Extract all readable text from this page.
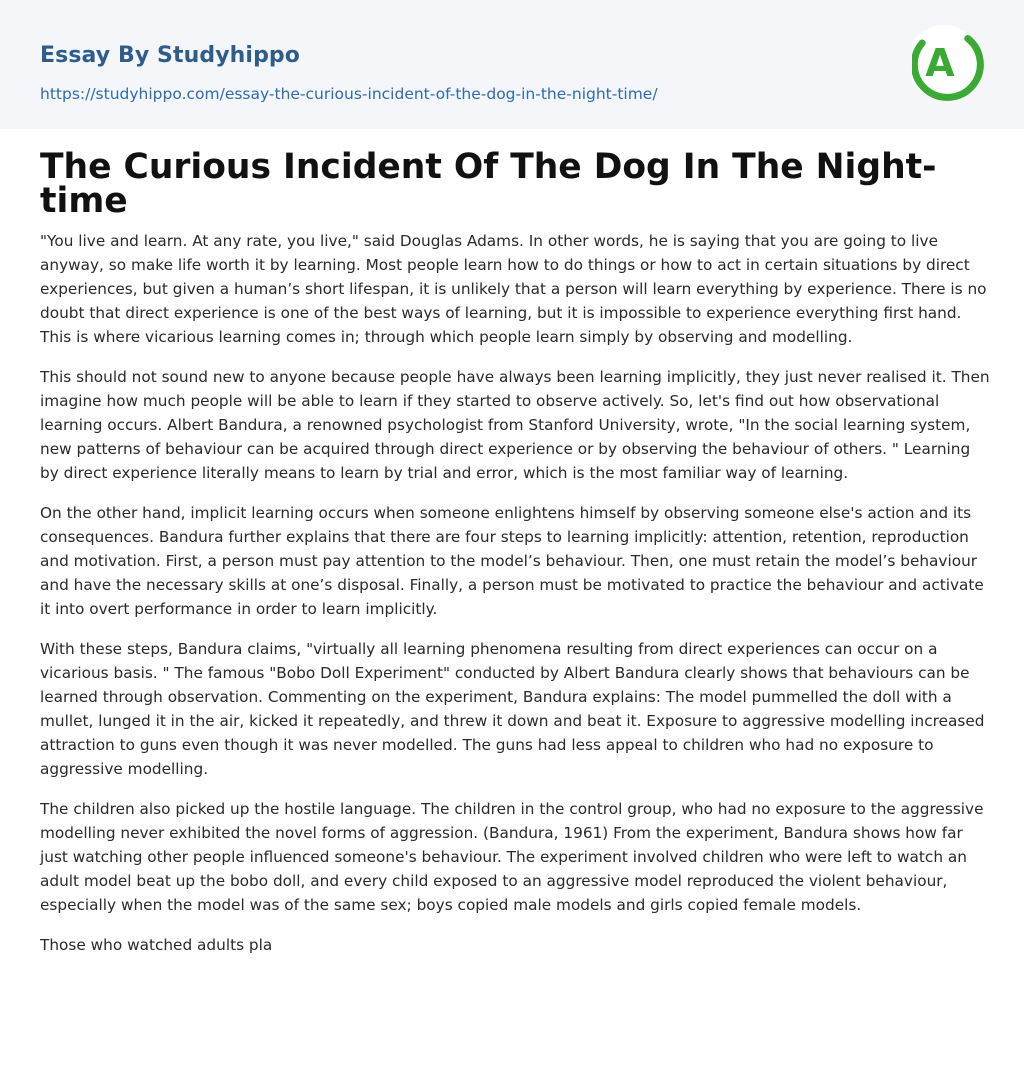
Essay By Studyhippo
https://studyhippo.com/essay-the-curious-incident-of-the-dog-in-the-night-time/
A
The Curious Incident Of The Dog In The Night-time

"You live and learn. At any rate, you live," said Douglas Adams. In other words, he is saying that you are going to live anyway, so make life worth it by learning. Most people learn how to do things or how to act in certain situations by direct experiences, but given a human’s short lifespan, it is unlikely that a person will learn everything by experience. There is no doubt that direct experience is one of the best ways of learning, but it is impossible to experience everything first hand. This is where vicarious learning comes in; through which people learn simply by observing and modelling.

This should not sound new to anyone because people have always been learning implicitly, they just never realised it. Then imagine how much people will be able to learn if they started to observe actively. So, let's find out how observational learning occurs. Albert Bandura, a renowned psychologist from Stanford University, wrote, "In the social learning system, new patterns of behaviour can be acquired through direct experience or by observing the behaviour of others. " Learning by direct experience literally means to learn by trial and error, which is the most familiar way of learning.

On the other hand, implicit learning occurs when someone enlightens himself by observing someone else's action and its consequences. Bandura further explains that there are four steps to learning implicitly: attention, retention, reproduction and motivation. First, a person must pay attention to the model’s behaviour. Then, one must retain the model’s behaviour and have the necessary skills at one’s disposal. Finally, a person must be motivated to practice the behaviour and activate it into overt performance in order to learn implicitly.

With these steps, Bandura claims, "virtually all learning phenomena resulting from direct experiences can occur on a vicarious basis. " The famous "Bobo Doll Experiment" conducted by Albert Bandura clearly shows that behaviours can be learned through observation. Commenting on the experiment, Bandura explains: The model pummelled the doll with a mullet, lunged it in the air, kicked it repeatedly, and threw it down and beat it. Exposure to aggressive modelling increased attraction to guns even though it was never modelled. The guns had less appeal to children who had no exposure to aggressive modelling.

The children also picked up the hostile language. The children in the control group, who had no exposure to the aggressive modelling never exhibited the novel forms of aggression. (Bandura, 1961) From the experiment, Bandura shows how far just watching other people influenced someone's behaviour. The experiment involved children who were left to watch an adult model beat up the bobo doll, and every child exposed to an aggressive model reproduced the violent behaviour, especially when the model was of the same sex; boys copied male models and girls copied female models.

Those who watched adults pla
